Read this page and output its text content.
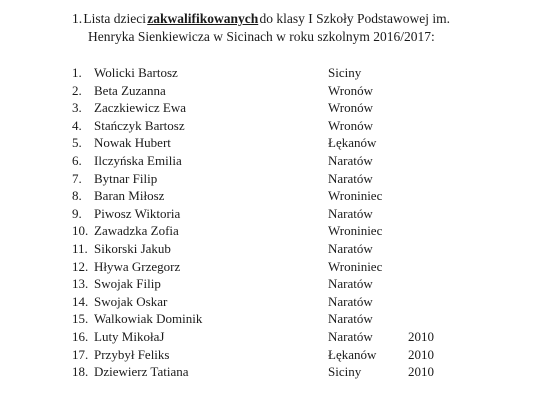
1. Lista dzieci zakwalifikowanych do klasy I Szkoły Podstawowej im.
Henryka Sienkiewicza w Sicinach w roku szkolnym 2016/2017:
1. Wolicki Bartosz	Siciny
2. Beta Zuzanna	Wronów
3. Zaczkiewicz Ewa	Wronów
4. Stańczyk Bartosz	Wronów
5. Nowak Hubert	Łękanów
6. Ilczyńska Emilia	Naratów
7. Bytnar Filip	Naratów
8. Baran Miłosz	Wroniniec
9. Piwosz Wiktoria	Naratów
10. Zawadzka Zofia	Wroniniec
11. Sikorski Jakub	Naratów
12. Hływa Grzegorz	Wroniniec
13. Swojak Filip	Naratów
14. Swojak Oskar	Naratów
15. Walkowiak Dominik	Naratów
16. Luty MikołaJ	Naratów	2010
17. Przybył Feliks	Łękanów 2010
18. Dziewierz Tatiana	Siciny	2010
